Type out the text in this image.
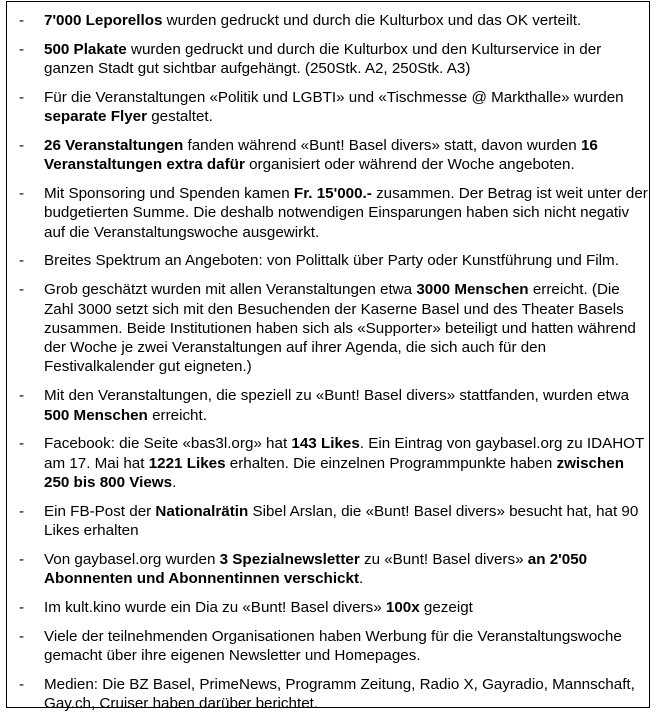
-	7'000 Leporellos wurden gedruckt und durch die Kulturbox und das OK verteilt.
-	500 Plakate wurden gedruckt und durch die Kulturbox und den Kulturservice in der ganzen Stadt gut sichtbar aufgehängt. (250Stk. A2, 250Stk. A3)
-	Für die Veranstaltungen «Politik und LGBTI» und «Tischmesse @ Markthalle» wurden separate Flyer gestaltet.
-	26 Veranstaltungen fanden während «Bunt! Basel divers» statt, davon wurden 16 Veranstaltungen extra dafür organisiert oder während der Woche angeboten.
-	Mit Sponsoring und Spenden kamen Fr. 15'000.- zusammen. Der Betrag ist weit unter der budgetierten Summe. Die deshalb notwendigen Einsparungen haben sich nicht negativ auf die Veranstaltungswoche ausgewirkt.
-	Breites Spektrum an Angeboten: von Polittalk über Party oder Kunstführung und Film.
-	Grob geschätzt wurden mit allen Veranstaltungen etwa 3000 Menschen erreicht. (Die Zahl 3000 setzt sich mit den Besuchenden der Kaserne Basel und des Theater Basels zusammen. Beide Institutionen haben sich als «Supporter» beteiligt und hatten während der Woche je zwei Veranstaltungen auf ihrer Agenda, die sich auch für den Festivalkalender gut eigneten.)
-	Mit den Veranstaltungen, die speziell zu «Bunt! Basel divers» stattfanden, wurden etwa 500 Menschen erreicht.
-	Facebook: die Seite «bas3l.org» hat 143 Likes. Ein Eintrag von gaybasel.org zu IDAHOT am 17. Mai hat 1221 Likes erhalten. Die einzelnen Programmpunkte haben zwischen 250 bis 800 Views.
-	Ein FB-Post der Nationalrätin Sibel Arslan, die «Bunt! Basel divers» besucht hat, hat 90 Likes erhalten
-	Von gaybasel.org wurden 3 Spezialnewsletter zu «Bunt! Basel divers» an 2'050 Abonnenten und Abonnentinnen verschickt.
-	Im kult.kino wurde ein Dia zu «Bunt! Basel divers» 100x gezeigt
-	Viele der teilnehmenden Organisationen haben Werbung für die Veranstaltungswoche gemacht über ihre eigenen Newsletter und Homepages.
-	Medien: Die BZ Basel, PrimeNews, Programm Zeitung, Radio X, Gayradio, Mannschaft, Gay.ch, Cruiser haben darüber berichtet.
